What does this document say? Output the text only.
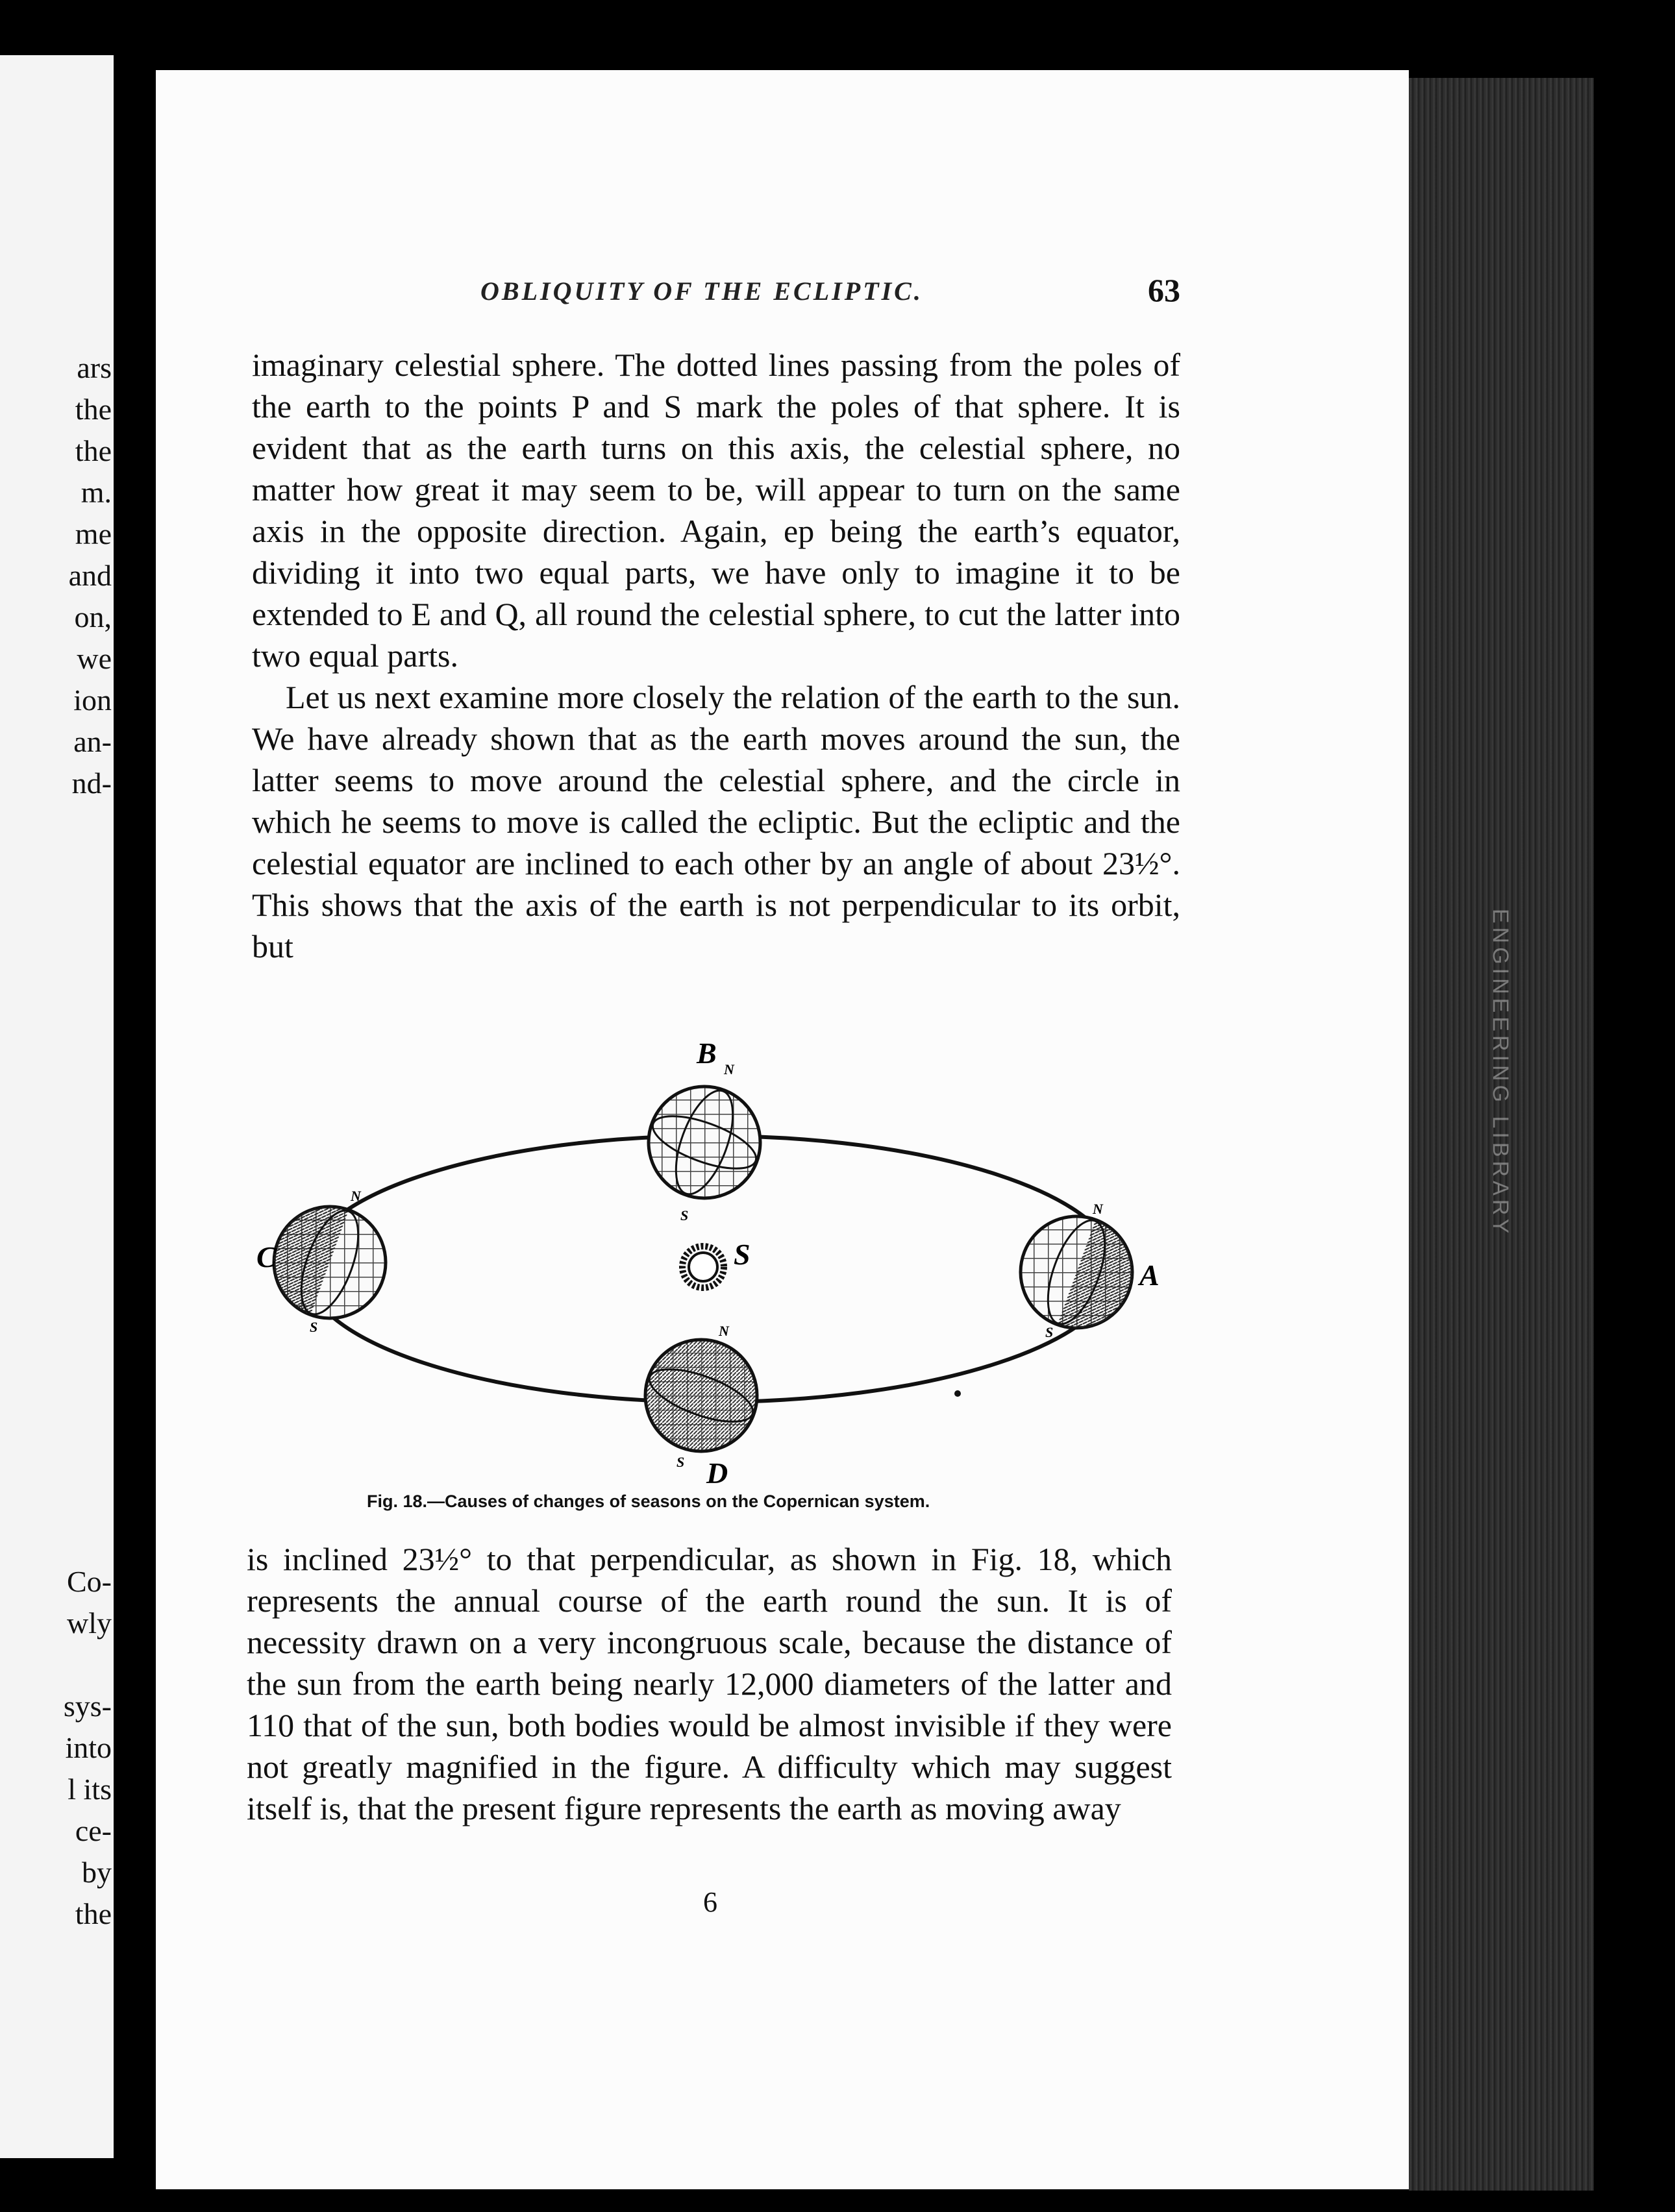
ars
the
the
m.
me
and
on,
we
ion
an-
nd-
Co-
wly

sys-
into
l its
ce-
by
the
ENGINEERING LIBRARY
OBLIQUITY OF THE ECLIPTIC.	63

imaginary celestial sphere. The dotted lines passing from the poles of the earth to the points P and S mark the poles of that sphere. It is evident that as the earth turns on this axis, the celestial sphere, no matter how great it may seem to be, will appear to turn on the same axis in the opposite direction. Again, ep being the earth’s equator, dividing it into two equal parts, we have only to imagine it to be extended to E and Q, all round the celestial sphere, to cut the latter into two equal parts.

Let us next examine more closely the relation of the earth to the sun. We have already shown that as the earth moves around the sun, the latter seems to move around the celestial sphere, and the circle in which he seems to move is called the ecliptic. But the ecliptic and the celestial equator are inclined to each other by an angle of about 23½°. This shows that the axis of the earth is not perpendicular to its orbit, but

B N
S
C
N
S
A
N
S
S
N
S D
Fig. 18.—Causes of changes of seasons on the Copernican system.

is inclined 23½° to that perpendicular, as shown in Fig. 18, which represents the annual course of the earth round the sun. It is of necessity drawn on a very incongruous scale, because the distance of the sun from the earth being nearly 12,000 diameters of the latter and 110 that of the sun, both bodies would be almost invisible if they were not greatly magnified in the figure. A difficulty which may suggest itself is, that the present figure represents the earth as moving away

6
